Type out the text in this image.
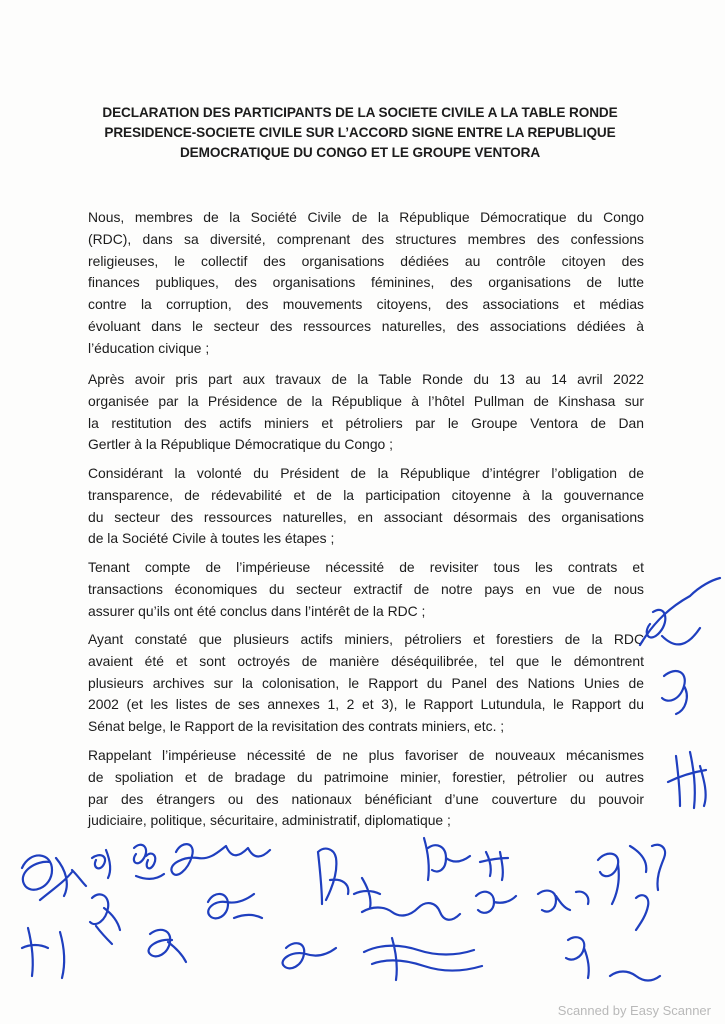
DECLARATION DES PARTICIPANTS DE LA SOCIETE CIVILE A LA TABLE RONDE
PRESIDENCE-SOCIETE CIVILE SUR L’ACCORD SIGNE ENTRE LA REPUBLIQUE
DEMOCRATIQUE DU CONGO ET LE GROUPE VENTORA
Nous, membres de la Société Civile de la République Démocratique du Congo
(RDC), dans sa diversité, comprenant des structures membres des confessions
religieuses, le collectif des organisations dédiées au contrôle citoyen des
finances publiques, des organisations féminines, des organisations de lutte
contre la corruption, des mouvements citoyens, des associations et médias
évoluant dans le secteur des ressources naturelles, des associations dédiées à
l’éducation civique ;
Après avoir pris part aux travaux de la Table Ronde du 13 au 14 avril 2022
organisée par la Présidence de la République à l’hôtel Pullman de Kinshasa sur
la restitution des actifs miniers et pétroliers par le Groupe Ventora de Dan
Gertler à la République Démocratique du Congo ;
Considérant la volonté du Président de la République d’intégrer l’obligation de
transparence, de rédevabilité et de la participation citoyenne à la gouvernance
du secteur des ressources naturelles, en associant désormais des organisations
de la Société Civile à toutes les étapes ;
Tenant compte de l’impérieuse nécessité de revisiter tous les contrats et
transactions économiques du secteur extractif de notre pays en vue de nous
assurer qu’ils ont été conclus dans l’intérêt de la RDC ;
Ayant constaté que plusieurs actifs miniers, pétroliers et forestiers de la RDC
avaient été et sont octroyés de manière déséquilibrée, tel que le démontrent
plusieurs archives sur la colonisation, le Rapport du Panel des Nations Unies de
2002 (et les listes de ses annexes 1, 2 et 3), le Rapport Lutundula, le Rapport du
Sénat belge, le Rapport de la revisitation des contrats miniers, etc. ;
Rappelant l’impérieuse nécessité de ne plus favoriser de nouveaux mécanismes
de spoliation et de bradage du patrimoine minier, forestier, pétrolier ou autres
par des étrangers ou des nationaux bénéficiant d’une couverture du pouvoir
judiciaire, politique, sécuritaire, administratif, diplomatique ;
Scanned by Easy Scanner
